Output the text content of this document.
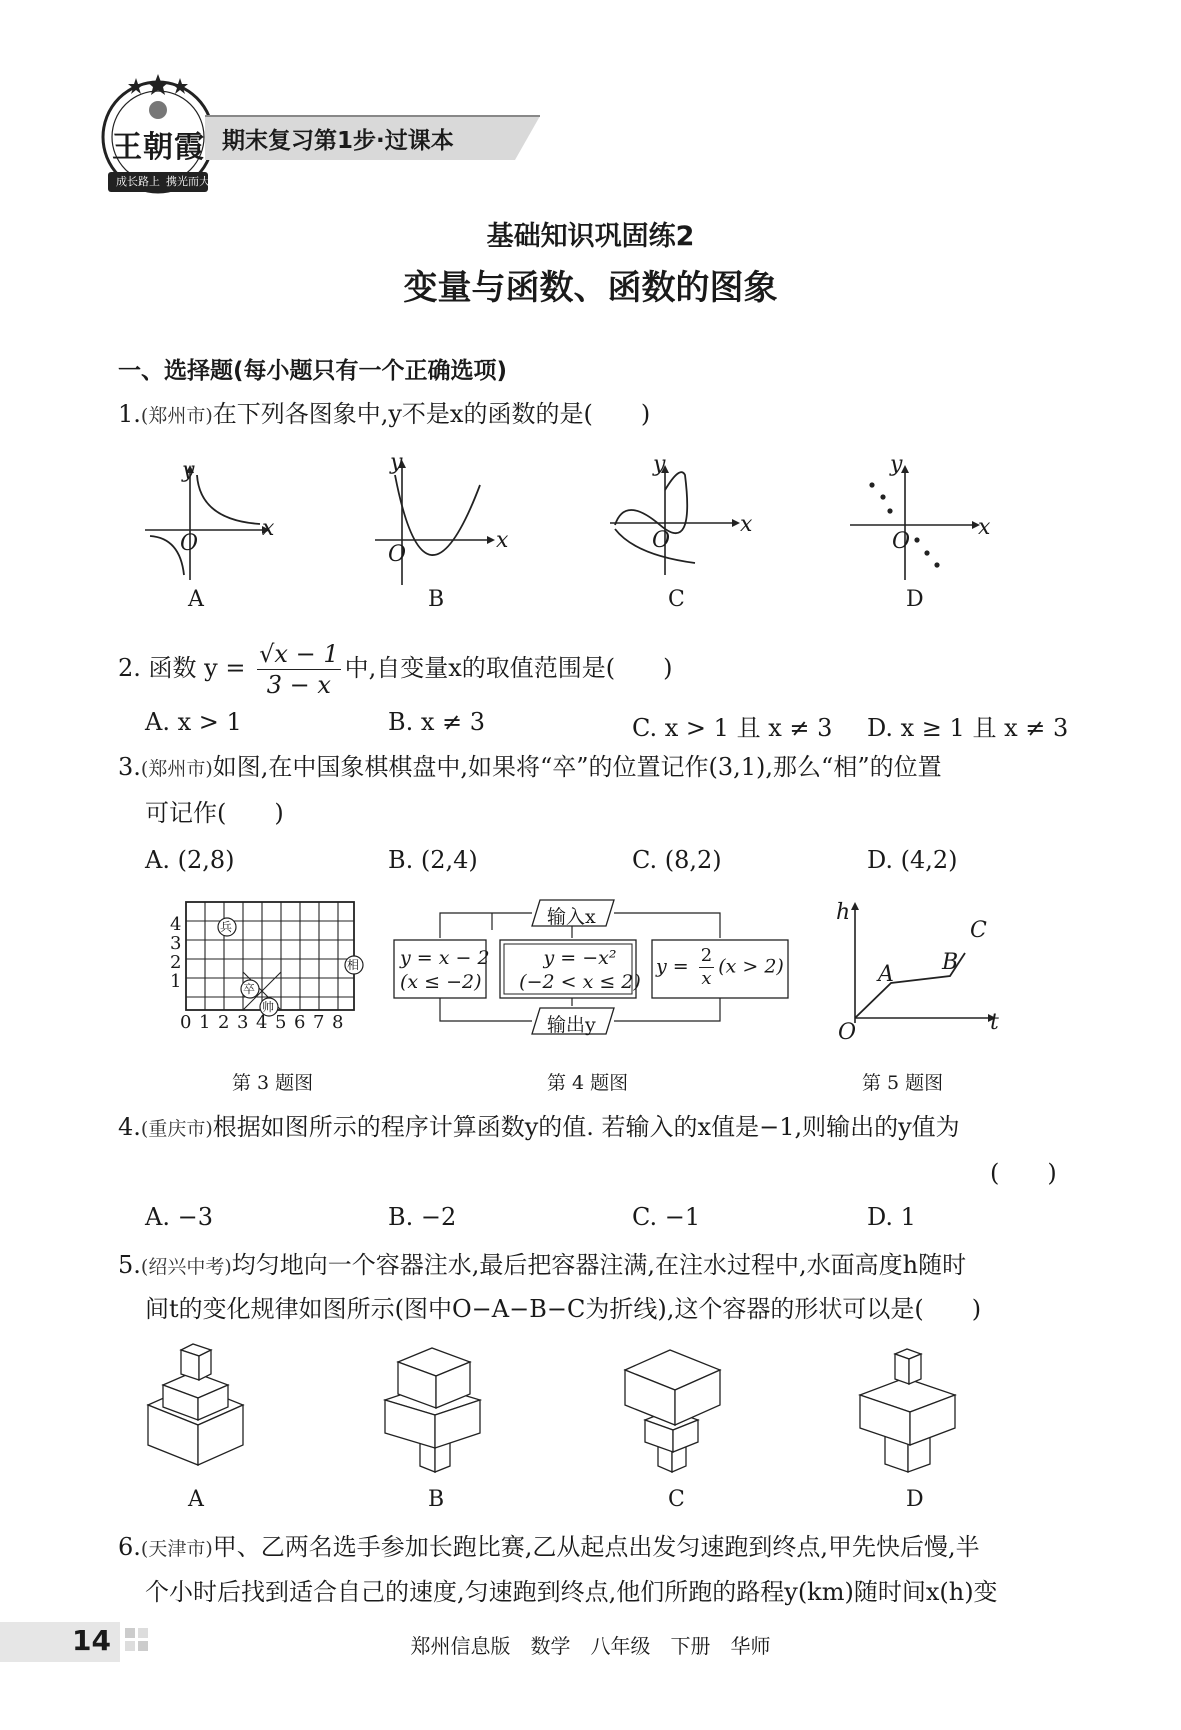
王朝霞
成长路上 携光而大
期末复习第1步·过课本
基础知识巩固练2
变量与函数、函数的图象
一、选择题(每小题只有一个正确选项)
1.(郑州市)在下列各图象中,y不是x的函数的是(　　)
y
x
O
A
y
x
O
B
y
x
O
C
y
x
O
D
2. 函数 $y = \frac{√x - 1}{3 - x}$ 中,自变量x的取值范围是(　　)
A. x > 1	B. x ≠ 3	C. x > 1 且 x ≠ 3 D. x ≥ 1 且 x ≠ 3
3.(郑州市)如图,在中国象棋棋盘中,如果将“卒”的位置记作(3,1),那么“相”的位置
可记作(　　)
A. (2,8)	B. (2,4)	C. (8,2)	D. (4,2)
兵
卒
帅
相
4
3
2
1
0 1 2 3 4 5 6 7 8
输入x
输出y
y = x − 2
(x ≤ −2)
y = −x²
(−2 < x ≤ 2)
$y = \frac{2}{x} (x > 2)$
h
t
O
A B
C
第 3 题图	第 4 题图	第 5 题图
4.(重庆市)根据如图所示的程序计算函数y的值. 若输入的x值是−1,则输出的y值为
(　　)
A. −3	B. −2	C. −1	D. 1
5.(绍兴中考)均匀地向一个容器注水,最后把容器注满,在注水过程中,水面高度h随时
间t的变化规律如图所示(图中O−A−B−C为折线),这个容器的形状可以是(　　)
A	B	C	D
6.(天津市)甲、乙两名选手参加长跑比赛,乙从起点出发匀速跑到终点,甲先快后慢,半
个小时后找到适合自己的速度,匀速跑到终点,他们所跑的路程y(km)随时间x(h)变
14	郑州信息版　数学　八年级　下册　华师
